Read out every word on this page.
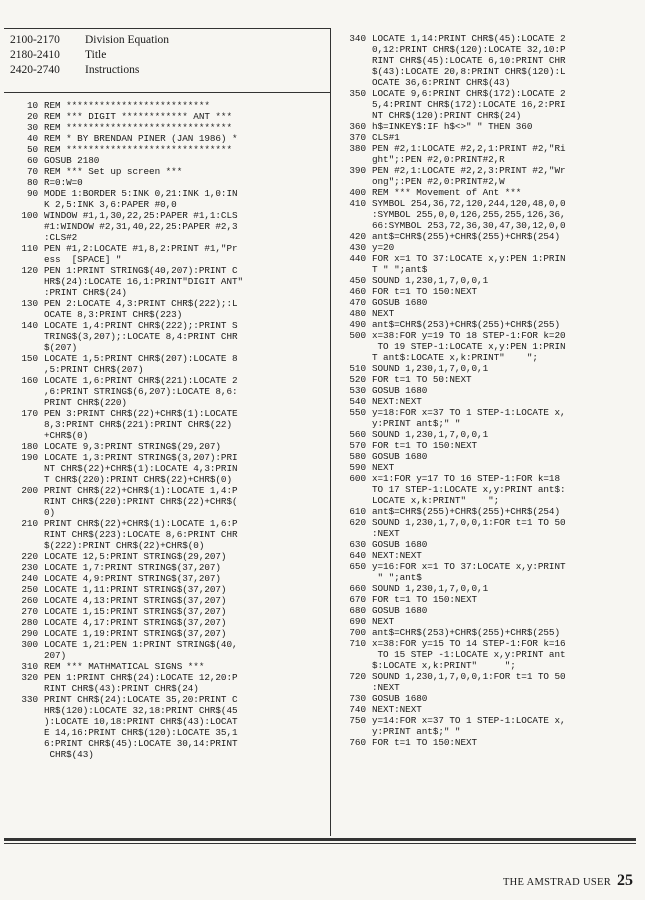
2100-2170	Division Equation
2180-2410	Title
2420-2740	Instructions
10 REM **************************
20 REM *** DIGIT ************ ANT ***
30 REM ******************************
40 REM * BY BRENDAN PINER (JAN 1986) *
50 REM ******************************
60 GOSUB 2180
70 REM *** Set up screen ***
80 R=0:W=0
90 MODE 1:BORDER 5:INK 0,21:INK 1,0:IN
K 2,5:INK 3,6:PAPER #0,0
100 WINDOW #1,1,30,22,25:PAPER #1,1:CLS
#1:WINDOW #2,31,40,22,25:PAPER #2,3
:CLS#2
110 PEN #1,2:LOCATE #1,8,2:PRINT #1,"Pr
ess  [SPACE] "
120 PEN 1:PRINT STRING$(40,207):PRINT C
HR$(24):LOCATE 16,1:PRINT"DIGIT ANT"
:PRINT CHR$(24)
130 PEN 2:LOCATE 4,3:PRINT CHR$(222);:L
OCATE 8,3:PRINT CHR$(223)
140 LOCATE 1,4:PRINT CHR$(222);:PRINT S
TRING$(3,207);:LOCATE 8,4:PRINT CHR
$(207)
150 LOCATE 1,5:PRINT CHR$(207):LOCATE 8
,5:PRINT CHR$(207)
160 LOCATE 1,6:PRINT CHR$(221):LOCATE 2
,6:PRINT STRING$(6,207):LOCATE 8,6:
PRINT CHR$(220)
170 PEN 3:PRINT CHR$(22)+CHR$(1):LOCATE
8,3:PRINT CHR$(221):PRINT CHR$(22)
+CHR$(0)
180 LOCATE 9,3:PRINT STRING$(29,207)
190 LOCATE 1,3:PRINT STRING$(3,207):PRI
NT CHR$(22)+CHR$(1):LOCATE 4,3:PRIN
T CHR$(220):PRINT CHR$(22)+CHR$(0)
200 PRINT CHR$(22)+CHR$(1):LOCATE 1,4:P
RINT CHR$(220):PRINT CHR$(22)+CHR$(
0)
210 PRINT CHR$(22)+CHR$(1):LOCATE 1,6:P
RINT CHR$(223):LOCATE 8,6:PRINT CHR
$(222):PRINT CHR$(22)+CHR$(0)
220 LOCATE 12,5:PRINT STRING$(29,207)
230 LOCATE 1,7:PRINT STRING$(37,207)
240 LOCATE 4,9:PRINT STRING$(37,207)
250 LOCATE 1,11:PRINT STRING$(37,207)
260 LOCATE 4,13:PRINT STRING$(37,207)
270 LOCATE 1,15:PRINT STRING$(37,207)
280 LOCATE 4,17:PRINT STRING$(37,207)
290 LOCATE 1,19:PRINT STRING$(37,207)
300 LOCATE 1,21:PEN 1:PRINT STRING$(40,
207)
310 REM *** MATHMATICAL SIGNS ***
320 PEN 1:PRINT CHR$(24):LOCATE 12,20:P
RINT CHR$(43):PRINT CHR$(24)
330 PRINT CHR$(24):LOCATE 35,20:PRINT C
HR$(120):LOCATE 32,18:PRINT CHR$(45
):LOCATE 10,18:PRINT CHR$(43):LOCAT
E 14,16:PRINT CHR$(120):LOCATE 35,1
6:PRINT CHR$(45):LOCATE 30,14:PRINT
CHR$(43)
340 LOCATE 1,14:PRINT CHR$(45):LOCATE 2
0,12:PRINT CHR$(120):LOCATE 32,10:P
RINT CHR$(45):LOCATE 6,10:PRINT CHR
$(43):LOCATE 20,8:PRINT CHR$(120):L
OCATE 36,6:PRINT CHR$(43)
350 LOCATE 9,6:PRINT CHR$(172):LOCATE 2
5,4:PRINT CHR$(172):LOCATE 16,2:PRI
NT CHR$(120):PRINT CHR$(24)
360 h$=INKEY$:IF h$<>" " THEN 360
370 CLS#1
380 PEN #2,1:LOCATE #2,2,1:PRINT #2,"Ri
ght";:PEN #2,0:PRINT#2,R
390 PEN #2,1:LOCATE #2,2,3:PRINT #2,"Wr
ong";:PEN #2,0:PRINT#2,W
400 REM *** Movement of Ant ***
410 SYMBOL 254,36,72,120,244,120,48,0,0
:SYMBOL 255,0,0,126,255,255,126,36,
66:SYMBOL 253,72,36,30,47,30,12,0,0
420 ant$=CHR$(255)+CHR$(255)+CHR$(254)
430 y=20
440 FOR x=1 TO 37:LOCATE x,y:PEN 1:PRIN
T " ";ant$
450 SOUND 1,230,1,7,0,0,1
460 FOR t=1 TO 150:NEXT
470 GOSUB 1680
480 NEXT
490 ant$=CHR$(253)+CHR$(255)+CHR$(255)
500 x=38:FOR y=19 TO 18 STEP-1:FOR k=20
TO 19 STEP-1:LOCATE x,y:PEN 1:PRIN
T ant$:LOCATE x,k:PRINT"    ";
510 SOUND 1,230,1,7,0,0,1
520 FOR t=1 TO 50:NEXT
530 GOSUB 1680
540 NEXT:NEXT
550 y=18:FOR x=37 TO 1 STEP-1:LOCATE x,
y:PRINT ant$;" "
560 SOUND 1,230,1,7,0,0,1
570 FOR t=1 TO 150:NEXT
580 GOSUB 1680
590 NEXT
600 x=1:FOR y=17 TO 16 STEP-1:FOR k=18
TO 17 STEP-1:LOCATE x,y:PRINT ant$:
LOCATE x,k:PRINT"    ";
610 ant$=CHR$(255)+CHR$(255)+CHR$(254)
620 SOUND 1,230,1,7,0,0,1:FOR t=1 TO 50
:NEXT
630 GOSUB 1680
640 NEXT:NEXT
650 y=16:FOR x=1 TO 37:LOCATE x,y:PRINT
" ";ant$
660 SOUND 1,230,1,7,0,0,1
670 FOR t=1 TO 150:NEXT
680 GOSUB 1680
690 NEXT
700 ant$=CHR$(253)+CHR$(255)+CHR$(255)
710 x=38:FOR y=15 TO 14 STEP-1:FOR k=16
TO 15 STEP -1:LOCATE x,y:PRINT ant
$:LOCATE x,k:PRINT"     ";
720 SOUND 1,230,1,7,0,0,1:FOR t=1 TO 50
:NEXT
730 GOSUB 1680
740 NEXT:NEXT
750 y=14:FOR x=37 TO 1 STEP-1:LOCATE x,
y:PRINT ant$;" "
760 FOR t=1 TO 150:NEXT
THE AMSTRAD USER 25
